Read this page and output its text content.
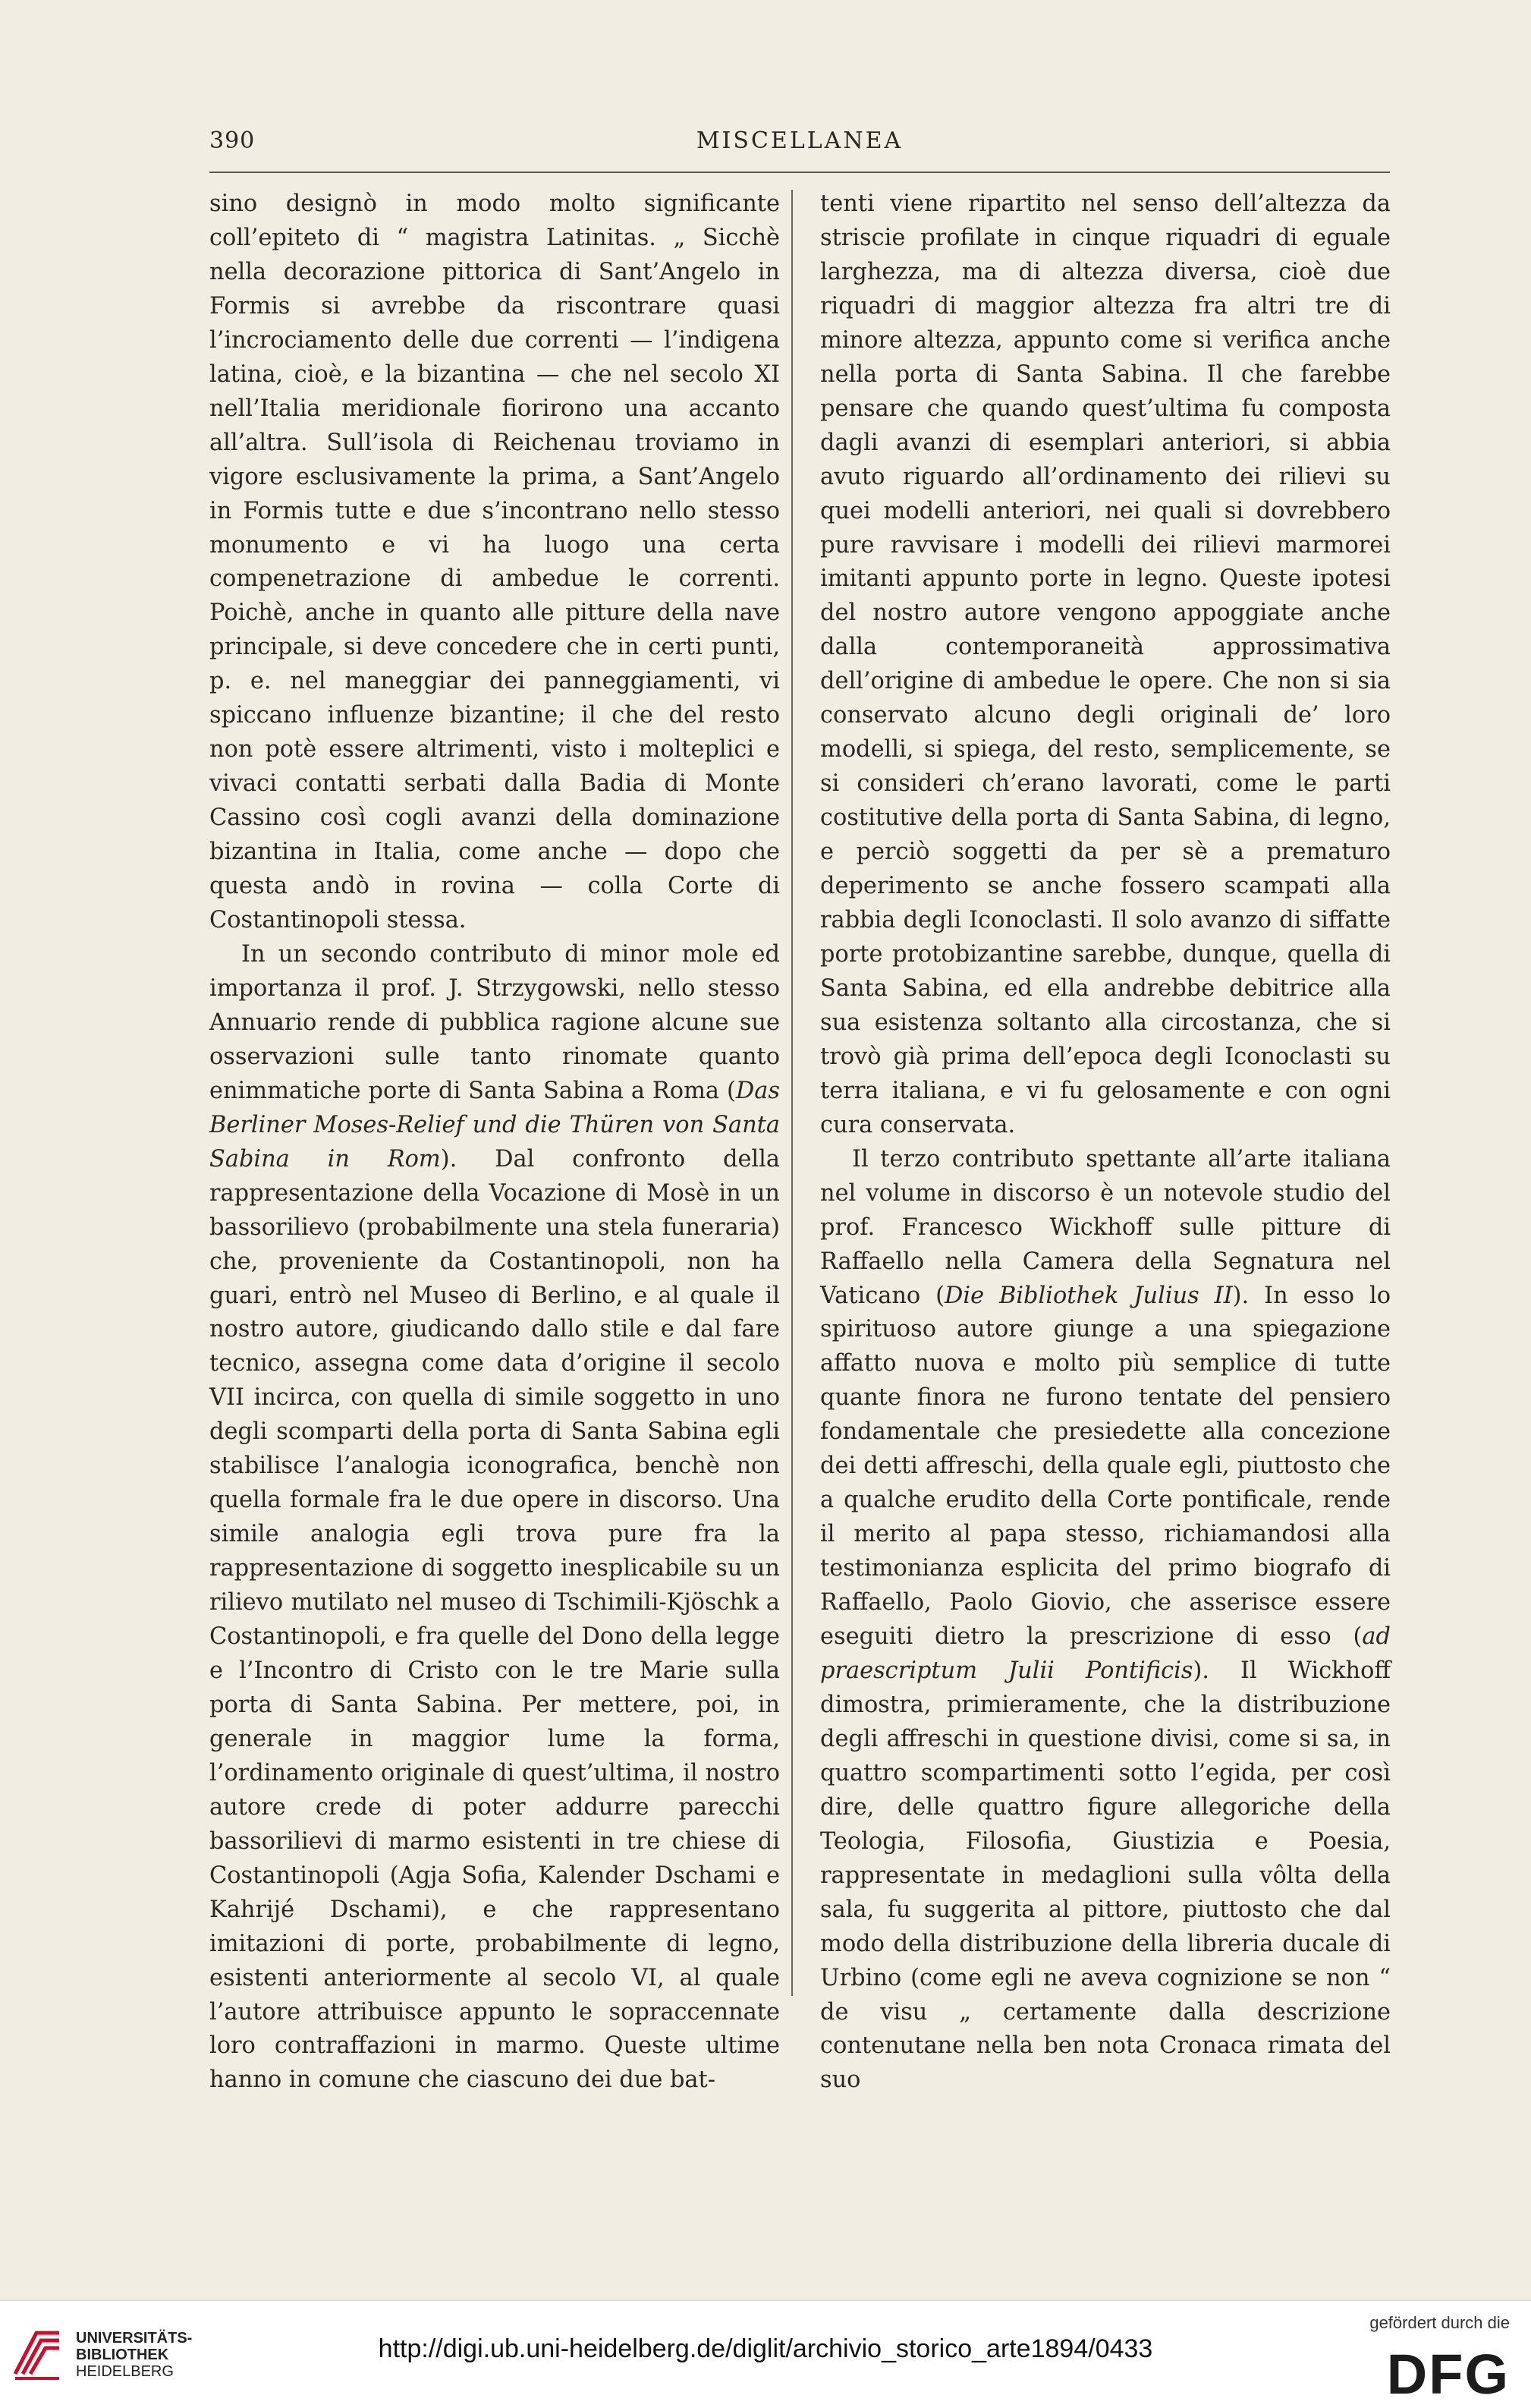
390	MISCELLANEA

sino designò in modo molto significante coll’epiteto di “ magistra Latinitas. „ Sicchè nella decorazione pittorica di Sant’Angelo in Formis si avrebbe da riscontrare quasi l’incrociamento delle due correnti — l’indigena latina, cioè, e la bizantina — che nel secolo XI nell’Italia meridionale fiorirono una accanto all’altra. Sull’isola di Reichenau troviamo in vigore esclusivamente la prima, a Sant’Angelo in Formis tutte e due s’incontrano nello stesso monumento e vi ha luogo una certa compenetrazione di ambedue le correnti. Poichè, anche in quanto alle pitture della nave principale, si deve concedere che in certi punti, p. e. nel maneggiar dei panneggiamenti, vi spiccano influenze bizantine; il che del resto non potè essere altrimenti, visto i molteplici e vivaci contatti serbati dalla Badia di Monte Cassino così cogli avanzi della dominazione bizantina in Italia, come anche — dopo che questa andò in rovina — colla Corte di Costantinopoli stessa.

In un secondo contributo di minor mole ed importanza il prof. J. Strzygowski, nello stesso Annuario rende di pubblica ragione alcune sue osservazioni sulle tanto rinomate quanto enimmatiche porte di Santa Sabina a Roma (Das Berliner Moses-Relief und die Thüren von Santa Sabina in Rom). Dal confronto della rappresentazione della Vocazione di Mosè in un bassorilievo (probabilmente una stela funeraria) che, proveniente da Costantinopoli, non ha guari, entrò nel Museo di Berlino, e al quale il nostro autore, giudicando dallo stile e dal fare tecnico, assegna come data d’origine il secolo VII incirca, con quella di simile soggetto in uno degli scomparti della porta di Santa Sabina egli stabilisce l’analogia iconografica, benchè non quella formale fra le due opere in discorso. Una simile analogia egli trova pure fra la rappresentazione di soggetto inesplicabile su un rilievo mutilato nel museo di Tschimili-Kjöschk a Costantinopoli, e fra quelle del Dono della legge e l’Incontro di Cristo con le tre Marie sulla porta di Santa Sabina. Per mettere, poi, in generale in maggior lume la forma, l’ordinamento originale di quest’ultima, il nostro autore crede di poter addurre parecchi bassorilievi di marmo esistenti in tre chiese di Costantinopoli (Agja Sofia, Kalender Dschami e Kahrijé Dschami), e che rappresentano imitazioni di porte, probabilmente di legno, esistenti anteriormente al secolo VI, al quale l’autore attribuisce appunto le sopraccennate loro contraffazioni in marmo. Queste ultime hanno in comune che ciascuno dei due bat-

tenti viene ripartito nel senso dell’altezza da striscie profilate in cinque riquadri di eguale larghezza, ma di altezza diversa, cioè due riquadri di maggior altezza fra altri tre di minore altezza, appunto come si verifica anche nella porta di Santa Sabina. Il che farebbe pensare che quando quest’ultima fu composta dagli avanzi di esemplari anteriori, si abbia avuto riguardo all’ordinamento dei rilievi su quei modelli anteriori, nei quali si dovrebbero pure ravvisare i modelli dei rilievi marmorei imitanti appunto porte in legno. Queste ipotesi del nostro autore vengono appoggiate anche dalla contemporaneità approssimativa dell’origine di ambedue le opere. Che non si sia conservato alcuno degli originali de’ loro modelli, si spiega, del resto, semplicemente, se si consideri ch’erano lavorati, come le parti costitutive della porta di Santa Sabina, di legno, e perciò soggetti da per sè a prematuro deperimento se anche fossero scampati alla rabbia degli Iconoclasti. Il solo avanzo di siffatte porte protobizantine sarebbe, dunque, quella di Santa Sabina, ed ella andrebbe debitrice alla sua esistenza soltanto alla circostanza, che si trovò già prima dell’epoca degli Iconoclasti su terra italiana, e vi fu gelosamente e con ogni cura conservata.

Il terzo contributo spettante all’arte italiana nel volume in discorso è un notevole studio del prof. Francesco Wickhoff sulle pitture di Raffaello nella Camera della Segnatura nel Vaticano (Die Bibliothek Julius II). In esso lo spirituoso autore giunge a una spiegazione affatto nuova e molto più semplice di tutte quante finora ne furono tentate del pensiero fondamentale che presiedette alla concezione dei detti affreschi, della quale egli, piuttosto che a qualche erudito della Corte pontificale, rende il merito al papa stesso, richiamandosi alla testimonianza esplicita del primo biografo di Raffaello, Paolo Giovio, che asserisce essere eseguiti dietro la prescrizione di esso (ad praescriptum Julii Pontificis). Il Wickhoff dimostra, primieramente, che la distribuzione degli affreschi in questione divisi, come si sa, in quattro scompartimenti sotto l’egida, per così dire, delle quattro figure allegoriche della Teologia, Filosofia, Giustizia e Poesia, rappresentate in medaglioni sulla vôlta della sala, fu suggerita al pittore, piuttosto che dal modo della distribuzione della libreria ducale di Urbino (come egli ne aveva cognizione se non “ de visu „ certamente dalla descrizione contenutane nella ben nota Cronaca rimata del suo

UNIVERSITÄTS-
BIBLIOTHEK
HEIDELBERG
http://digi.ub.uni-heidelberg.de/diglit/archivio_storico_arte1894/0433
gefördert durch die
DFG
